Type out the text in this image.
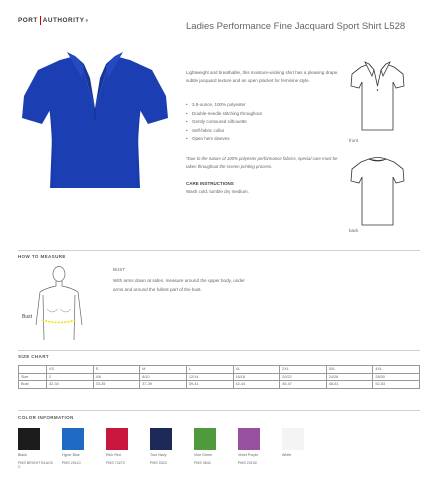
PORT AUTHORITY ®
Ladies Performance Fine Jacquard Sport Shirt L528
Lightweight and breathable, this moisture-wicking shirt has a pleasing drape, subtle jacquard texture and an open placket for feminine style.
• 3.8-ounce, 100% polyester
• Double-needle stitching throughout
• Gently contoured silhouette
• Self-fabric collar
• Open hem sleeves
*Due to the nature of 100% polyester performance fabrics, special care must be taken throughout the screen printing process.
CARE INSTRUCTIONS
Wash cold, tumble dry medium.
front
back
HOW TO MEASURE
Bust
BUST
With arms down at sides, measure around the upper body, under arms and around the fullest part of the bust.
SIZE CHART
	XS	S	M	L	XL	2XL	3XL	4XL
Size	2	4/6	8/10	12/14	16/18	20/22	24/26	28/30
Bust	32-34	33-35	37-39	39-41	42-44	45-47	48-51	52-53
COLOR INFORMATION
Black
PMS BRIGHT BLACK C
Hyper Blue
PMS 2011C
Rich Red
PMS 7427C
True Navy
PMS 532C
Vine Green
PMS 364C
Violet Purple
PMS 2315C
White
